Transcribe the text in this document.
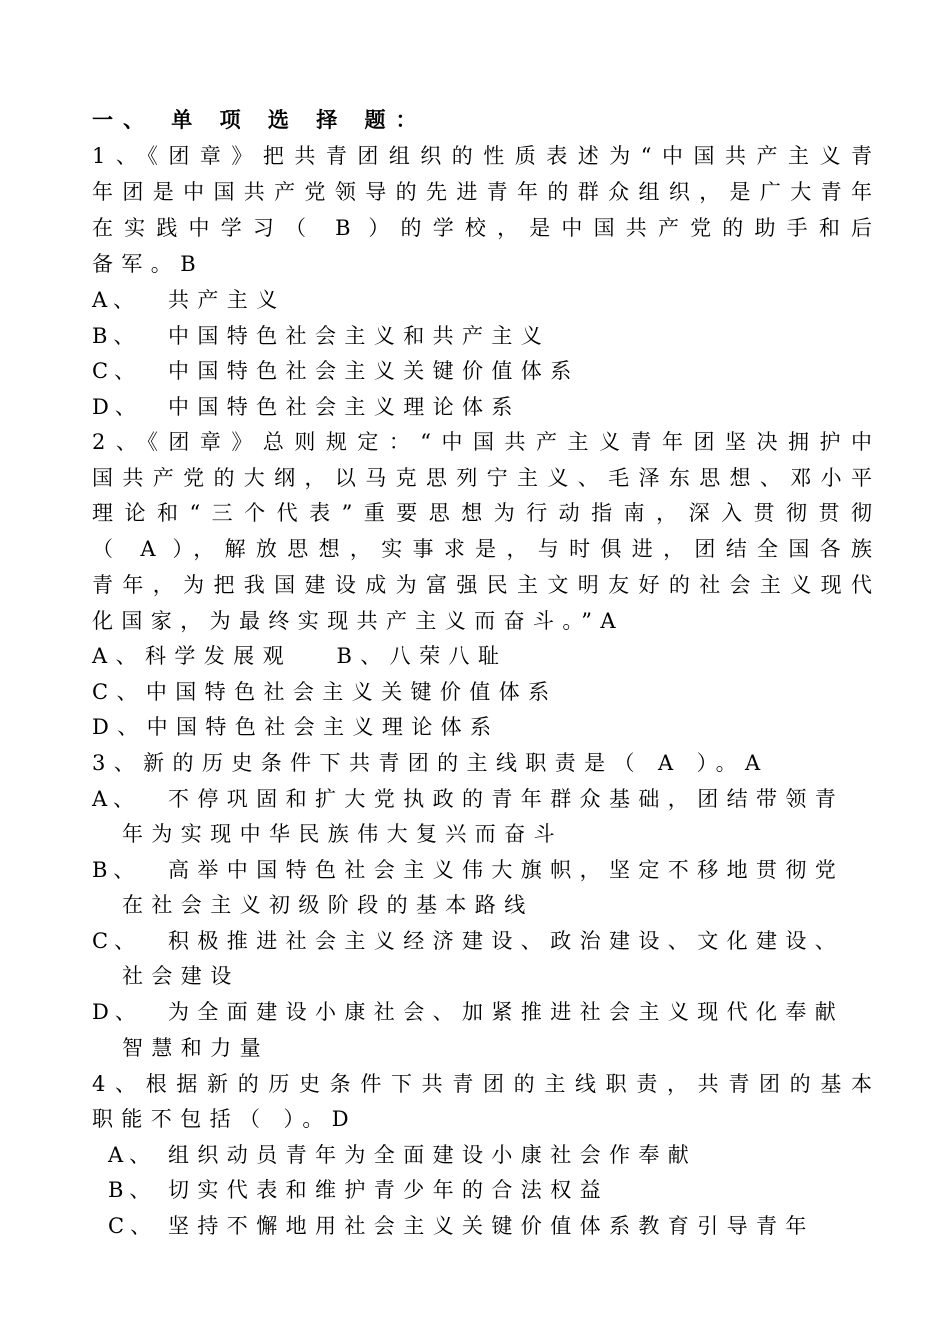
一、 单 项 选 择 题：
1、《团章》把共青团组织的性质表述为“中国共产主义青
年团是中国共产党领导的先进青年的群众组织，是广大青年
在实践中学习（ B ）的学校，是中国共产党的助手和后
备军。B
A、 共产主义
B、 中国特色社会主义和共产主义
C、 中国特色社会主义关键价值体系
D、 中国特色社会主义理论体系
2、《团章》总则规定：“中国共产主义青年团坚决拥护中
国共产党的大纲，以马克思列宁主义、毛泽东思想、邓小平
理论和“三个代表”重要思想为行动指南，深入贯彻贯彻
（ A ），解放思想，实事求是，与时俱进，团结全国各族
青年，为把我国建设成为富强民主文明友好的社会主义现代
化国家，为最终实现共产主义而奋斗。”A
A、科学发展观　 B、八荣八耻
C、中国特色社会主义关键价值体系
D、中国特色社会主义理论体系
3、新的历史条件下共青团的主线职责是（ A ）。A
A、 不停巩固和扩大党执政的青年群众基础，团结带领青
年为实现中华民族伟大复兴而奋斗
B、 高举中国特色社会主义伟大旗帜，坚定不移地贯彻党
在社会主义初级阶段的基本路线
C、 积极推进社会主义经济建设、政治建设、文化建设、
社会建设
D、 为全面建设小康社会、加紧推进社会主义现代化奉献
智慧和力量
4、根据新的历史条件下共青团的主线职责，共青团的基本
职能不包括（ ）。D
A、 组织动员青年为全面建设小康社会作奉献
B、 切实代表和维护青少年的合法权益
C、 坚持不懈地用社会主义关键价值体系教育引导青年
